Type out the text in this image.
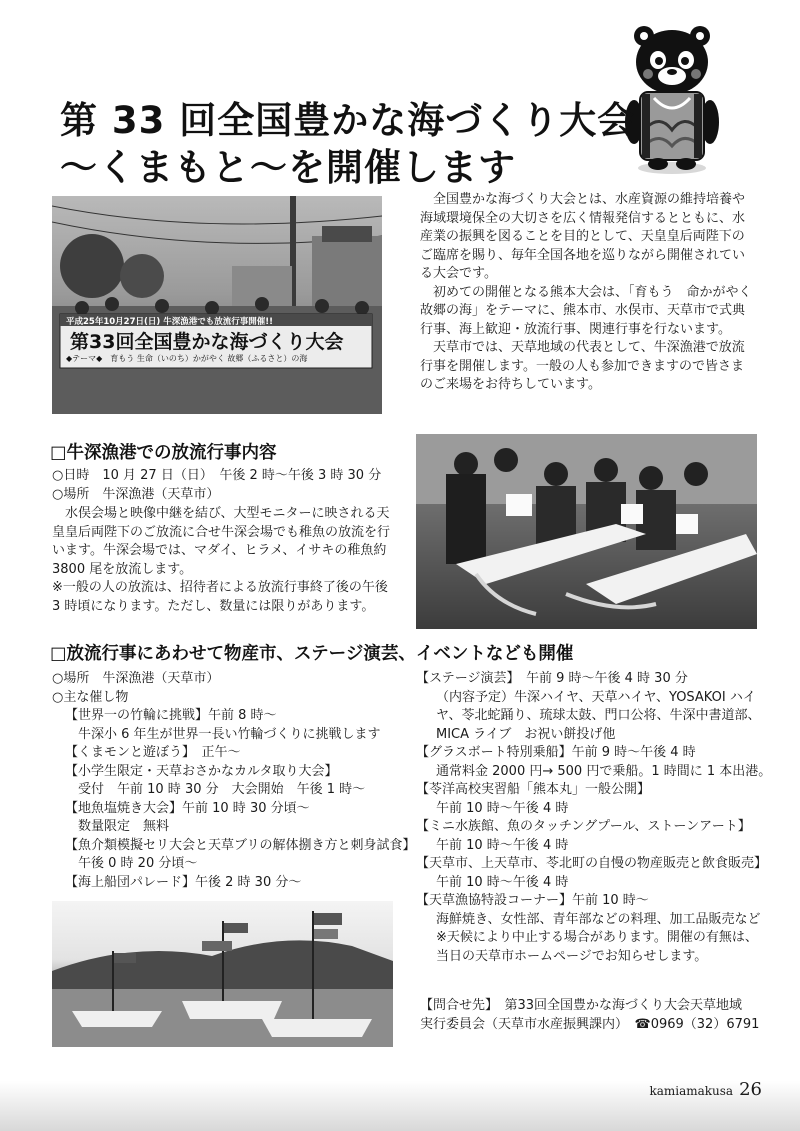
第 33 回全国豊かな海づくり大会
～くまもと～を開催します
平成25年10月27日(日) 牛深漁港でも放流行事開催!!
第33回全国豊かな海づくり大会
◆テーマ◆　育もう 生命（いのち）かがやく 故郷（ふるさと）の海

全国豊かな海づくり大会とは、水産資源の維持培養や海域環境保全の大切さを広く情報発信するとともに、水産業の振興を図ることを目的として、天皇皇后両陛下のご臨席を賜り、毎年全国各地を巡りながら開催されている大会です。

初めての開催となる熊本大会は、「育もう　命かがやく　故郷の海」をテーマに、熊本市、水俣市、天草市で式典行事、海上歓迎・放流行事、関連行事を行ないます。

天草市では、天草地域の代表として、牛深漁港で放流行事を開催します。一般の人も参加できますので皆さまのご来場をお待ちしています。

□牛深漁港での放流行事内容
○日時　10 月 27 日（日）　午後 2 時～午後 3 時 30 分
○場所　牛深漁港（天草市）

水俣会場と映像中継を結び、大型モニターに映される天皇皇后両陛下のご放流に合せ牛深会場でも稚魚の放流を行います。牛深会場では、マダイ、ヒラメ、イサキの稚魚約 3800 尾を放流します。

※一般の人の放流は、招待者による放流行事終了後の午後 3 時頃になります。ただし、数量には限りがあります。

□放流行事にあわせて物産市、ステージ演芸、イベントなども開催
○場所　牛深漁港（天草市）
○主な催し物
【世界一の竹輪に挑戦】午前 8 時～
牛深小 6 年生が世界一長い竹輪づくりに挑戦します
【くまモンと遊ぼう】　正午～
【小学生限定・天草おさかなカルタ取り大会】
受付　午前 10 時 30 分　大会開始　午後 1 時～
【地魚塩焼き大会】午前 10 時 30 分頃～
数量限定　無料
【魚介類模擬セリ大会と天草ブリの解体捌き方と刺身試食】
午後 0 時 20 分頃～
【海上船団パレード】午後 2 時 30 分～
【ステージ演芸】　午前 9 時～午後 4 時 30 分
（内容予定）牛深ハイヤ、天草ハイヤ、YOSAKOI ハイ
ヤ、苓北蛇踊り、琉球太鼓、門口公将、牛深中書道部、
MICA ライブ　お祝い餅投げ他
【グラスボート特別乗船】午前 9 時～午後 4 時
通常料金 2000 円→ 500 円で乗船。1 時間に 1 本出港。
【苓洋高校実習船「熊本丸」一般公開】
午前 10 時～午後 4 時
【ミニ水族館、魚のタッチングプール、ストーンアート】
午前 10 時～午後 4 時
【天草市、上天草市、苓北町の自慢の物産販売と飲食販売】
午前 10 時～午後 4 時
【天草漁協特設コーナー】午前 10 時～
海鮮焼き、女性部、青年部などの料理、加工品販売など
※天候により中止する場合があります。開催の有無は、
当日の天草市ホームページでお知らせします。
【問合せ先】　第33回全国豊かな海づくり大会天草地域
実行委員会（天草市水産振興課内）　☎0969（32）6791
kamiamakusa 26
